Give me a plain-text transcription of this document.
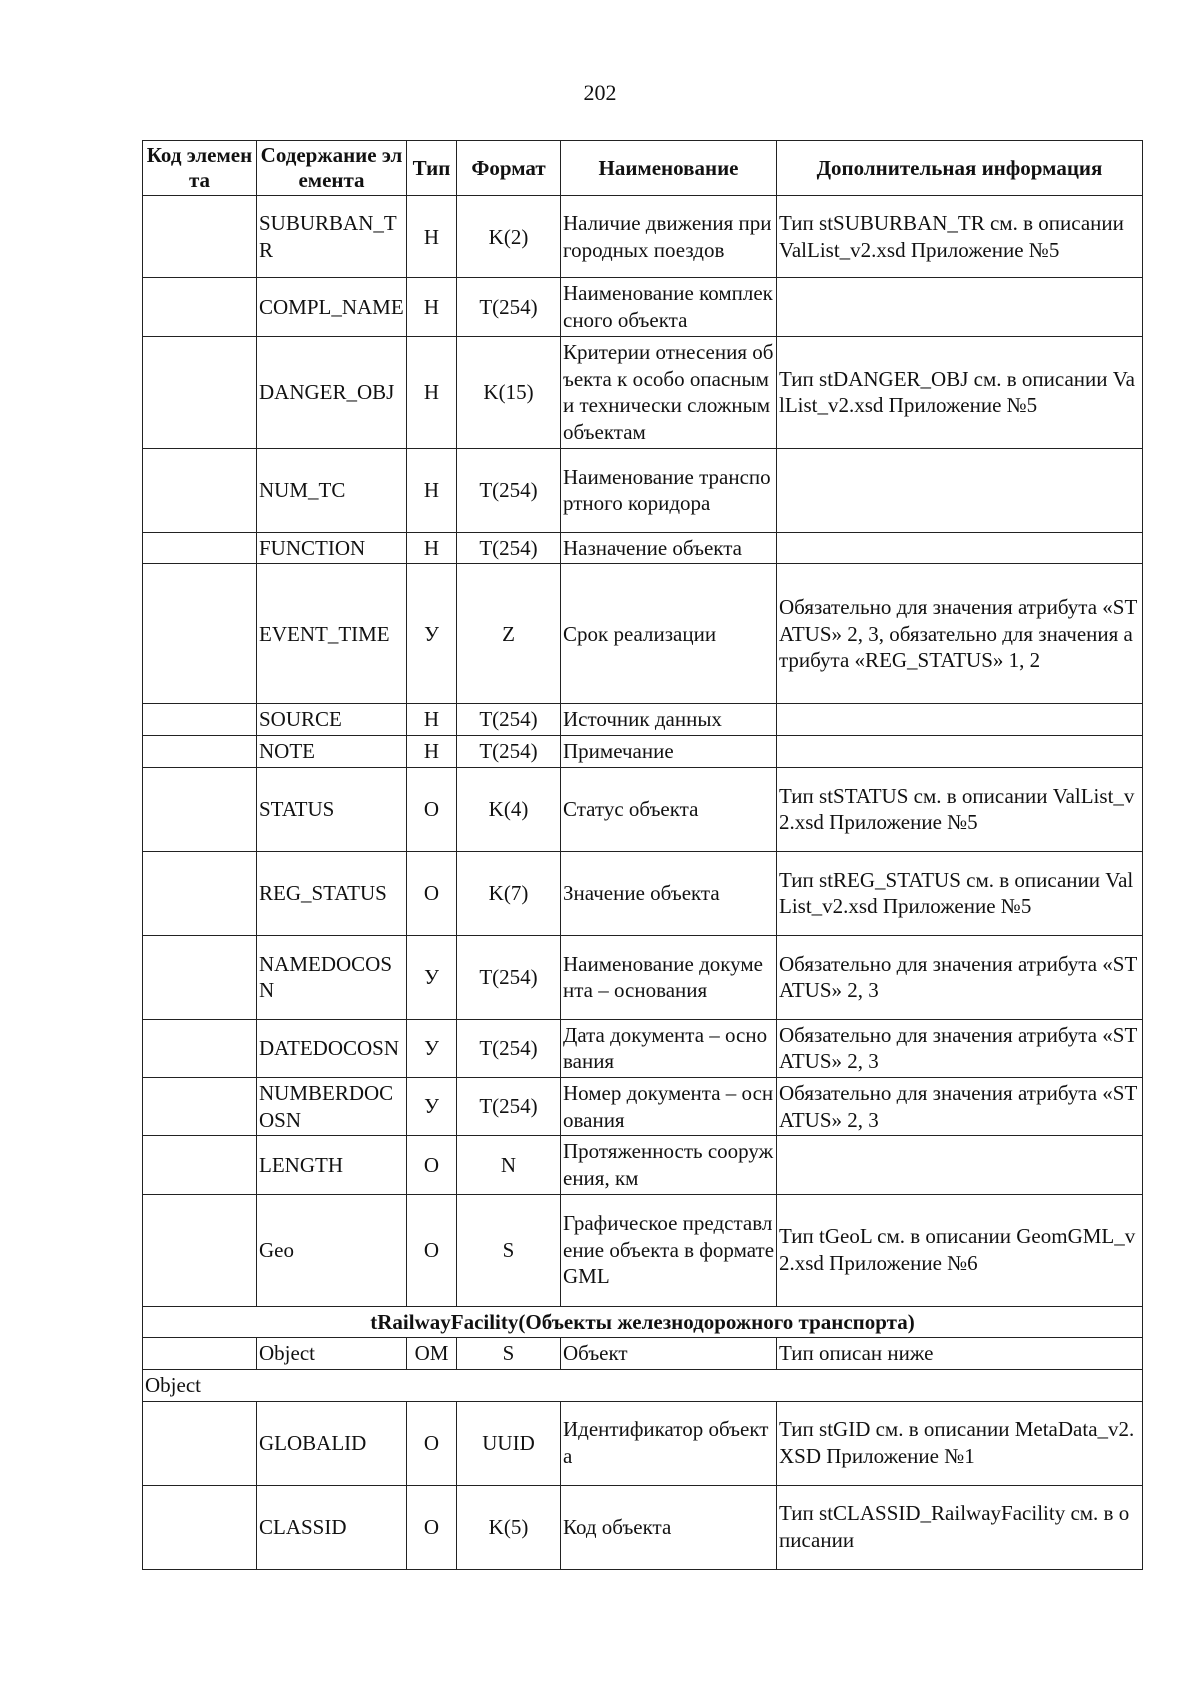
202
Код элемента	Содержание элемента	Тип	Формат	Наименование	Дополнительная информация
	SUBURBAN_TR	Н	K(2)	Наличие движения пригородных поездов	Тип stSUBURBAN_TR см. в описании ValList_v2.xsd Приложение №5
	COMPL_NAME	Н	T(254)	Наименование комплексного объекта	
	DANGER_OBJ	Н	K(15)	Критерии отнесения объекта к особо опасным и технически сложным объектам	Тип stDANGER_OBJ см. в описании ValList_v2.xsd Приложение №5
	NUM_TC	Н	T(254)	Наименование транспортного коридора	
	FUNCTION	Н	T(254)	Назначение объекта	
	EVENT_TIME	У	Z	Срок реализации	Обязательно для значения атрибута «STATUS» 2, 3, обязательно для значения атрибута «REG_STATUS» 1, 2
	SOURCE	Н	T(254)	Источник данных	
	NOTE	Н	T(254)	Примечание	
	STATUS	О	K(4)	Статус объекта	Тип stSTATUS см. в описании ValList_v2.xsd Приложение №5
	REG_STATUS	О	K(7)	Значение объекта	Тип stREG_STATUS см. в описании ValList_v2.xsd Приложение №5
	NAMEDOCOSN	У	T(254)	Наименование документа – основания	Обязательно для значения атрибута «STATUS» 2, 3
	DATEDOCOSN	У	T(254)	Дата документа – основания	Обязательно для значения атрибута «STATUS» 2, 3
	NUMBERDOCOSN	У	T(254)	Номер документа – основания	Обязательно для значения атрибута «STATUS» 2, 3
	LENGTH	О	N	Протяженность сооружения, км	
	Geo	О	S	Графическое представление объекта в формате GML	Тип tGeoL см. в описании GeomGML_v2.xsd Приложение №6
tRailwayFacility(Объекты железнодорожного транспорта)					
	Object	ОМ	S	Объект	Тип описан ниже
Object					
	GLOBALID	О	UUID	Идентификатор объекта	Тип stGID см. в описании MetaData_v2.XSD Приложение №1
	CLASSID	О	K(5)	Код объекта	Тип stCLASSID_RailwayFacility см. в описании
